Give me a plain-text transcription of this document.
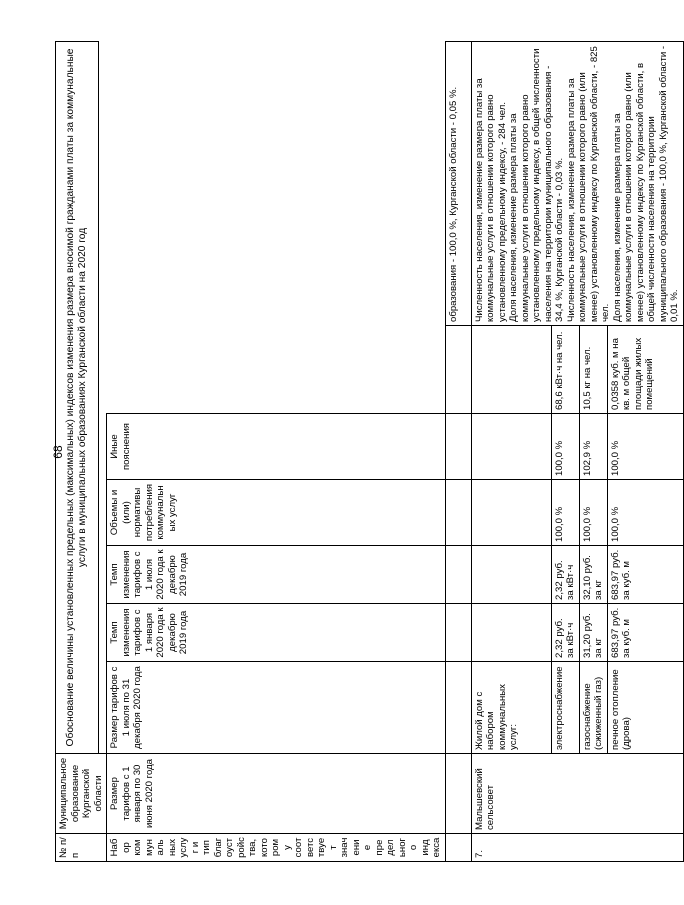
68
№ п/п	Муниципальное образование Курганской области	Обоснование величины установленных предельных (максимальных) индексов изменения размера вносимой гражданами платы за коммунальные услуги в муниципальных образованиях Курганской области на 2020 год						

Набор коммунальных услуг и тип благоустройства, которому соответствует значение предельного индекса	Размер тарифов с 1 января по 30 июня 2020 года	Размер тарифов с 1 июля по 31 декабря 2020 года	Темп изменения тарифов с 1 января 2020 года к декабрю 2019 года	Темп изменения тарифов с 1 июля 2020 года к декабрю 2019 года	Объемы и (или) нормативы потребления коммунальных услуг	Иные пояснения		
								образования - 100,0 %, Курганской области - 0,05 %.
7.	Мальшевский сельсовет	Жилой дом с набором коммунальных услуг:						Численность населения, изменение размера платы за коммунальные услуги в отношении которого равно установленному предельному индексу, - 284 чел.
Доля населения, изменение размера платы за коммунальные услуги в отношении которого равно установленному предельному индексу, в общей численности населения на территории муниципального образования - 34,4 %, Курганской области - 0,03 %.
Численность населения, изменение размера платы за коммунальные услуги в отношении которого равно (или менее) установленному индексу по Курганской области, - 825 чел.
Доля населения, изменение размера платы за коммунальные услуги в отношении которого равно (или менее) установленному индексу по Курганской области, в общей численности населения на территории муниципального образования - 100,0 %, Курганской области - 0,01 %.
		электроснабжение	2,32 руб. за кВт·ч	2,32 руб. за кВт·ч	100,0 %	100,0 %	68,6 кВт·ч на чел.	
		газоснабжение (сжиженный газ)	31,20 руб. за кг	32,10 руб. за кг	100,0 %	102,9 %	10,5 кг на чел.	
		печное отопление (дрова)	683,97 руб. за куб. м	683,97 руб. за куб. м	100,0 %	100,0 %	0,0358 куб. м на кв. м общей площади жилых помещений	
